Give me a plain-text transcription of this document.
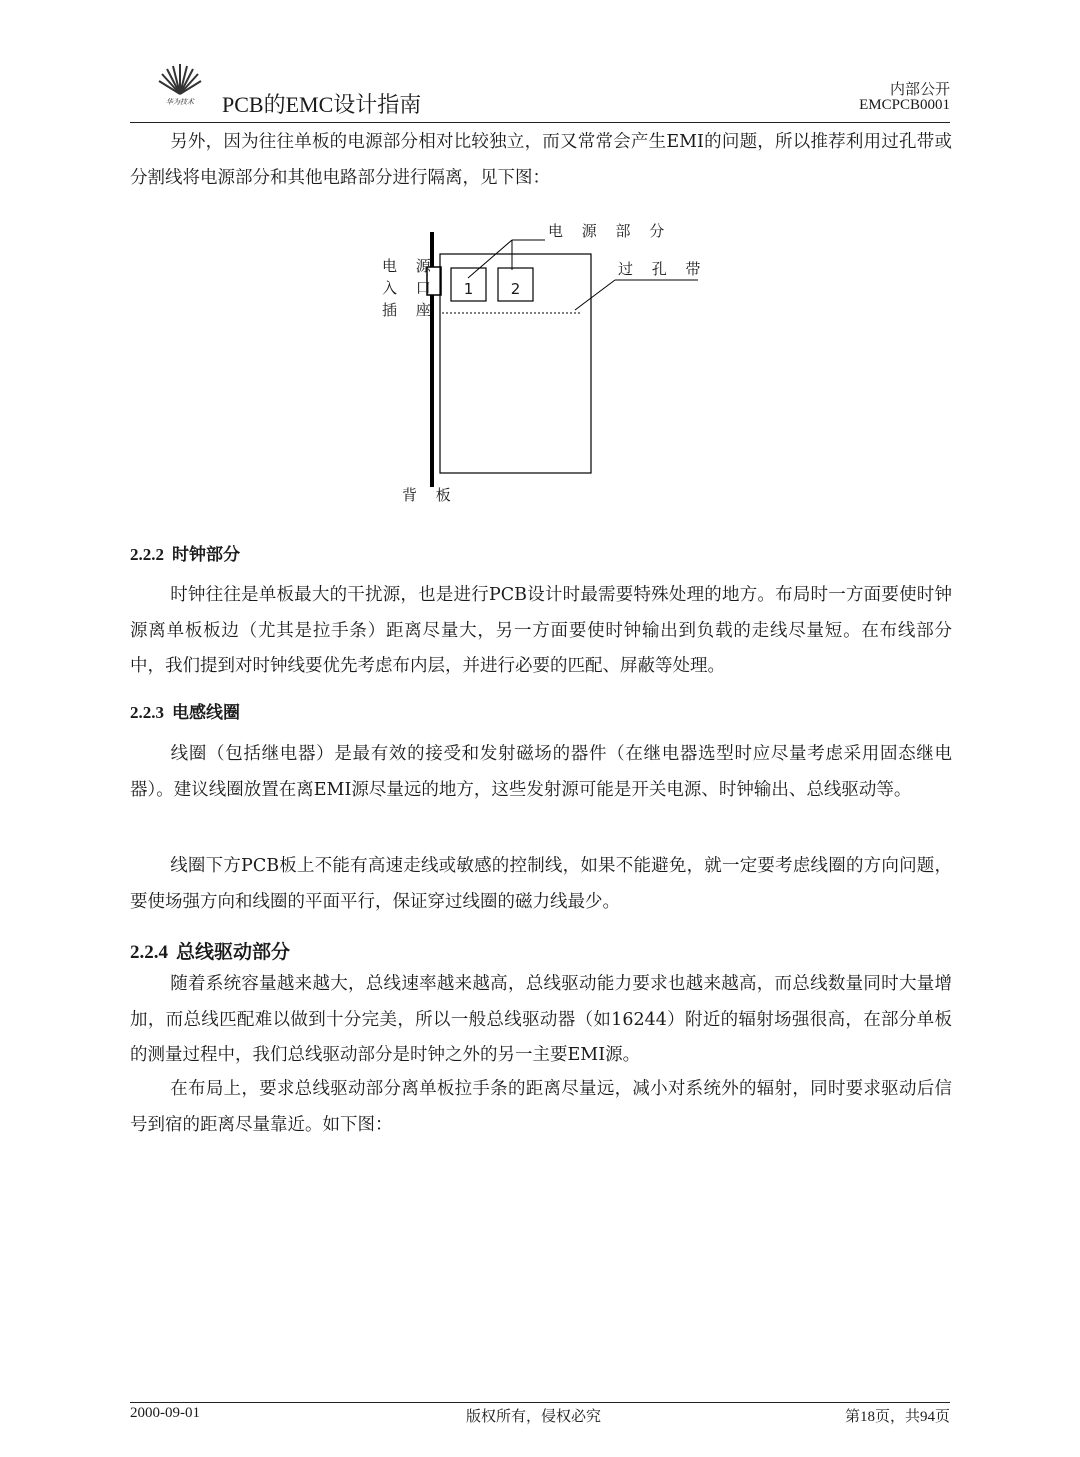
华为技术	PCB的EMC设计指南
内部公开
EMCPCB0001

另外，因为往往单板的电源部分相对比较独立，而又常常会产生EMI的问题，所以推荐利用过孔带或分割线将电源部分和其他电路部分进行隔离，见下图：

电 源 部 分
过 孔 带
电 源
入 口
插 座
背 板
1	2
2.2.2 时钟部分

时钟往往是单板最大的干扰源，也是进行PCB设计时最需要特殊处理的地方。布局时一方面要使时钟源离单板板边（尤其是拉手条）距离尽量大，另一方面要使时钟输出到负载的走线尽量短。在布线部分中，我们提到对时钟线要优先考虑布内层，并进行必要的匹配、屏蔽等处理。

2.2.3 电感线圈

线圈（包括继电器）是最有效的接受和发射磁场的器件（在继电器选型时应尽量考虑采用固态继电器）。建议线圈放置在离EMI源尽量远的地方，这些发射源可能是开关电源、时钟输出、总线驱动等。

线圈下方PCB板上不能有高速走线或敏感的控制线，如果不能避免，就一定要考虑线圈的方向问题，要使场强方向和线圈的平面平行，保证穿过线圈的磁力线最少。

2.2.4 总线驱动部分

随着系统容量越来越大，总线速率越来越高，总线驱动能力要求也越来越高，而总线数量同时大量增加，而总线匹配难以做到十分完美，所以一般总线驱动器（如16244）附近的辐射场强很高，在部分单板的测量过程中，我们总线驱动部分是时钟之外的另一主要EMI源。

在布局上，要求总线驱动部分离单板拉手条的距离尽量远，减小对系统外的辐射，同时要求驱动后信号到宿的距离尽量靠近。如下图：

2000-09-01	版权所有，侵权必究	第18页，共94页
